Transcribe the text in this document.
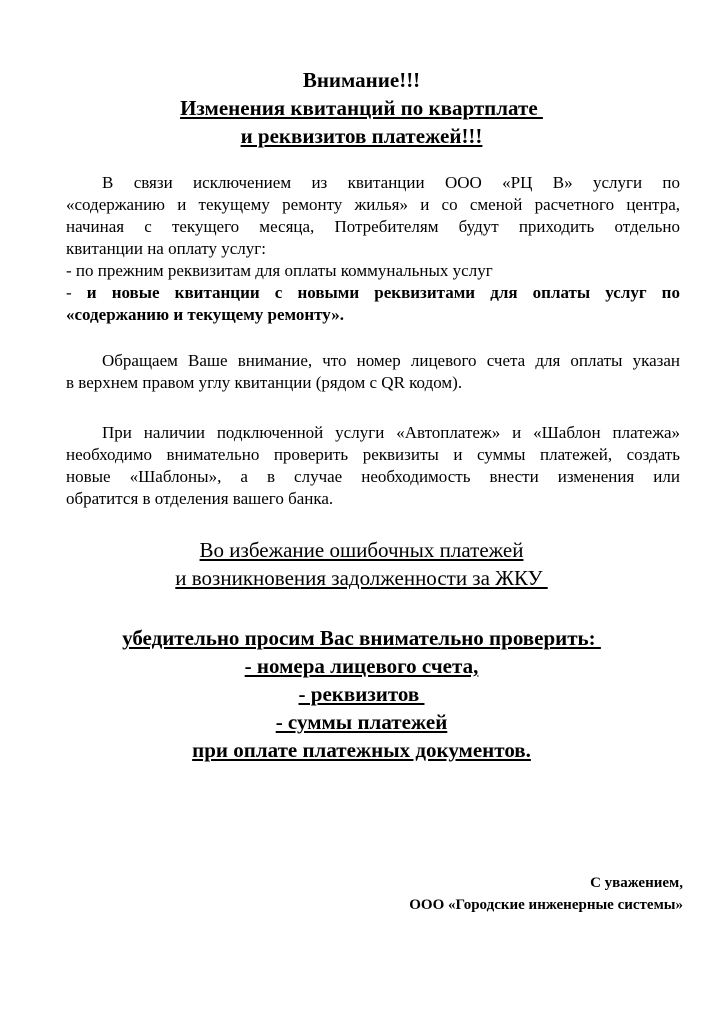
Внимание!!!
Изменения квитанций по квартплате
и реквизитов платежей!!!
В связи исключением из квитанции ООО «РЦ В» услуги по
«содержанию и текущему ремонту жилья» и со сменой расчетного центра,
начиная с текущего месяца, Потребителям будут приходить отдельно
квитанции на оплату услуг:
- по прежним реквизитам для оплаты коммунальных услуг
- и новые квитанции с новыми реквизитами для оплаты услуг по
«содержанию и текущему ремонту».
Обращаем Ваше внимание, что номер лицевого счета для оплаты указан
в верхнем правом углу квитанции (рядом с QR кодом).
При наличии подключенной услуги «Автоплатеж» и «Шаблон платежа»
необходимо внимательно проверить реквизиты и суммы платежей, создать
новые «Шаблоны», а в случае необходимость внести изменения или
обратится в отделения вашего банка.
Во избежание ошибочных платежей
и возникновения задолженности за ЖКУ
убедительно просим Вас внимательно проверить:
- номера лицевого счета,
- реквизитов
- суммы платежей
при оплате платежных документов.
С уважением,
ООО «Городские инженерные системы»
